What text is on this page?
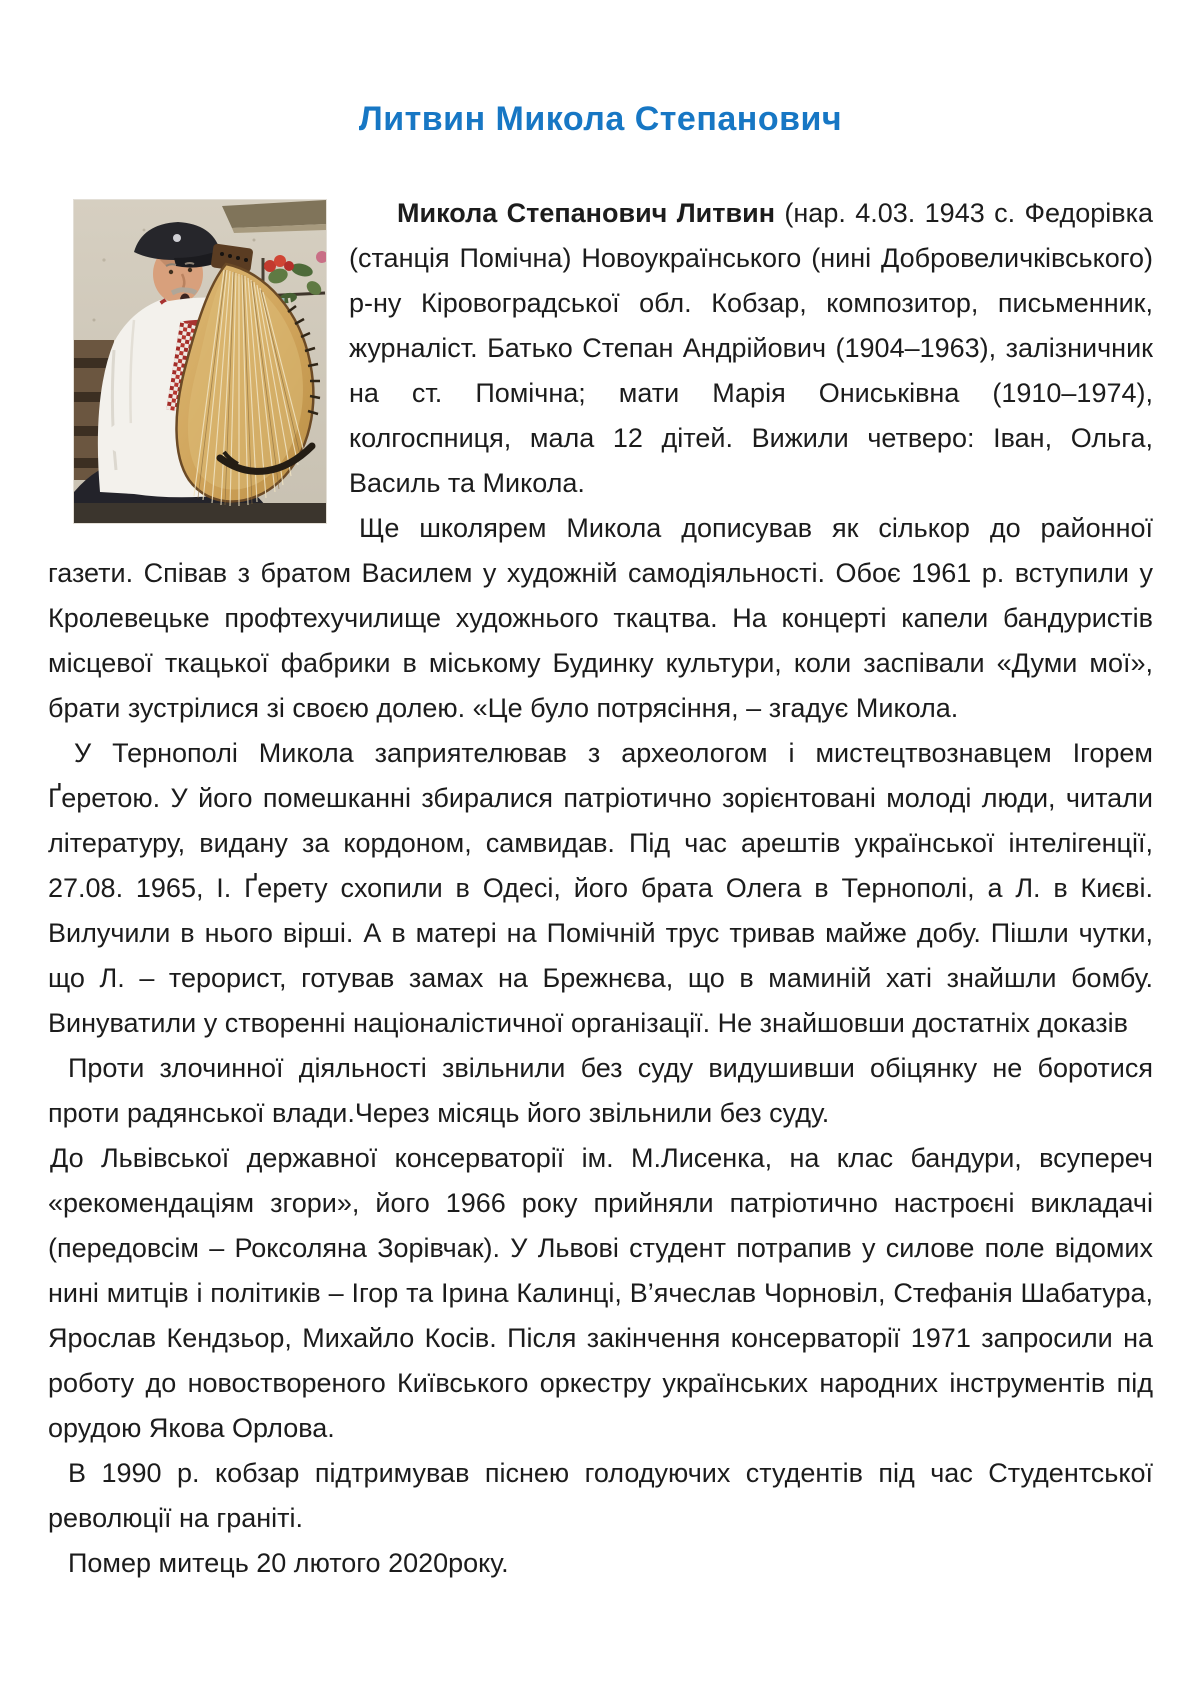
Литвин Микола Степанович

Микола Степанович Литвин (нар. 4.03. 1943 с. Федорівка (станція Помічна) Новоукраїнського (нині Добровеличківського) р-ну Кіровоградської обл. Кобзар, композитор, письменник, журналіст. Батько Степан Андрійович (1904–1963), залізничник на ст. Помічна; мати Марія Ониськівна (1910–1974), колгоспниця, мала 12 дітей. Вижили четверо: Іван, Ольга, Василь та Микола.

Ще школярем Микола дописував як сількор до районної газети. Співав з братом Василем у художній самодіяльності. Обоє 1961 р. вступили у Кролевецьке профтехучилище художнього ткацтва. На концерті капели бандуристів місцевої ткацької фабрики в міському Будинку культури, коли заспівали «Думи мої», брати зустрілися зі своєю долею. «Це було потрясіння, – згадує Микола.

У Тернополі Микола заприятелював з археологом і мистецтвознавцем Ігорем Ґеретою. У його помешканні збиралися патріотично зорієнтовані молоді люди, читали літературу, видану за кордоном, самвидав. Під час арештів української інтелігенції, 27.08. 1965, І. Ґерету схопили в Одесі, його брата Олега в Тернополі, а Л. в Києві. Вилучили в нього вірші. А в матері на Помічній трус тривав майже добу. Пішли чутки, що Л. – терорист, готував замах на Брежнєва, що в маминій хаті знайшли бомбу. Винуватили у створенні націоналістичної організації. Не знайшовши достатніх доказів

Проти злочинної діяльності звільнили без суду видушивши обіцянку не боротися проти радянської влади.Через місяць його звільнили без суду.

До Львівської державної консерваторії ім. М.Лисенка, на клас бандури, всупереч «рекомендаціям згори», його 1966 року прийняли патріотично настроєні викладачі (передовсім – Роксоляна Зорівчак). У Львові студент потрапив у силове поле відомих нині митців і політиків – Ігор та Ірина Калинці, В’ячеслав Чорновіл, Стефанія Шабатура, Ярослав Кендзьор, Михайло Косів. Після закінчення консерваторії 1971 запросили на роботу до новоствореного Київського оркестру українських народних інструментів під орудою Якова Орлова.

В 1990 р. кобзар підтримував піснею голодуючих студентів під час Студентської революції на граніті.

Помер митець 20 лютого 2020року.
